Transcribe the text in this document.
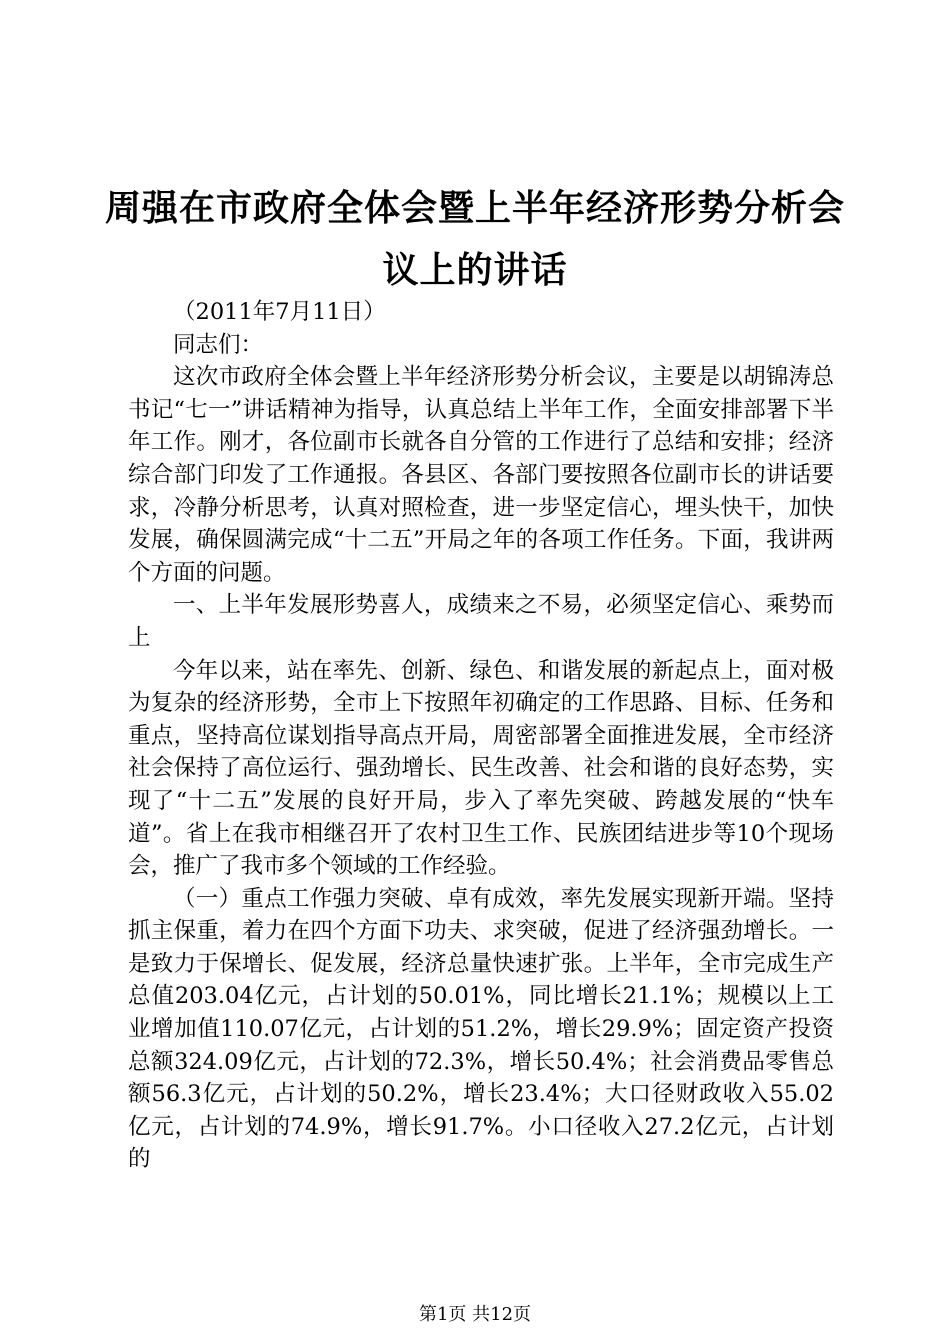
周强在市政府全体会暨上半年经济形势分析会
议上的讲话

（2011年7月11日）

同志们：

这次市政府全体会暨上半年经济形势分析会议，主要是以胡锦涛总书记“七一”讲话精神为指导，认真总结上半年工作，全面安排部署下半年工作。刚才，各位副市长就各自分管的工作进行了总结和安排；经济综合部门印发了工作通报。各县区、各部门要按照各位副市长的讲话要求，冷静分析思考，认真对照检查，进一步坚定信心，埋头快干，加快发展，确保圆满完成“十二五”开局之年的各项工作任务。下面，我讲两个方面的问题。

一、上半年发展形势喜人，成绩来之不易，必须坚定信心、乘势而上

今年以来，站在率先、创新、绿色、和谐发展的新起点上，面对极为复杂的经济形势，全市上下按照年初确定的工作思路、目标、任务和重点，坚持高位谋划指导高点开局，周密部署全面推进发展，全市经济社会保持了高位运行、强劲增长、民生改善、社会和谐的良好态势，实现了“十二五”发展的良好开局，步入了率先突破、跨越发展的“快车道”。省上在我市相继召开了农村卫生工作、民族团结进步等10个现场会，推广了我市多个领域的工作经验。

（一）重点工作强力突破、卓有成效，率先发展实现新开端。坚持抓主保重，着力在四个方面下功夫、求突破，促进了经济强劲增长。一是致力于保增长、促发展，经济总量快速扩张。上半年，全市完成生产总值203.04亿元，占计划的50.01%，同比增长21.1%；规模以上工业增加值110.07亿元，占计划的51.2%，增长29.9%；固定资产投资总额324.09亿元，占计划的72.3%，增长50.4%；社会消费品零售总额56.3亿元，占计划的50.2%，增长23.4%；大口径财政收入55.02亿元，占计划的74.9%，增长91.7%。小口径收入27.2亿元，占计划的

第1页 共12页
